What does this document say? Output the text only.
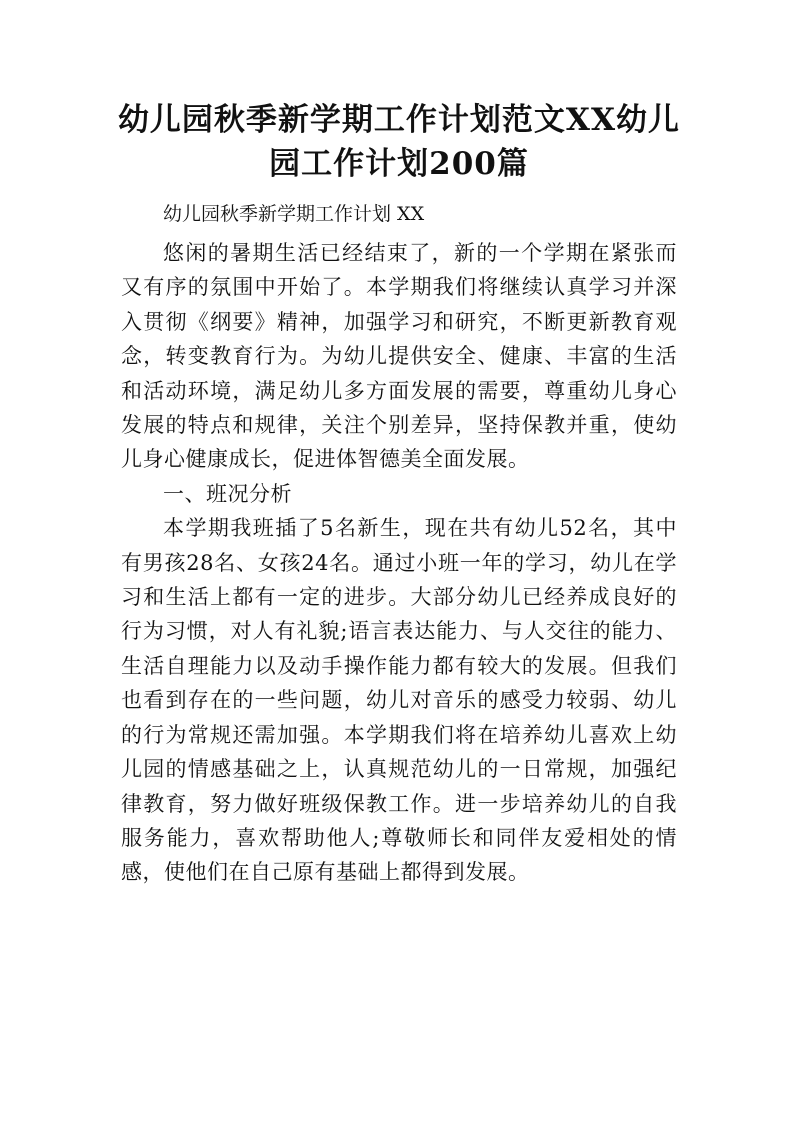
幼儿园秋季新学期工作计划范文XX幼儿园工作计划200篇

幼儿园秋季新学期工作计划 XX

悠闲的暑期生活已经结束了，新的一个学期在紧张而又有序的氛围中开始了。本学期我们将继续认真学习并深入贯彻《纲要》精神，加强学习和研究，不断更新教育观念，转变教育行为。为幼儿提供安全、健康、丰富的生活和活动环境，满足幼儿多方面发展的需要，尊重幼儿身心发展的特点和规律，关注个别差异，坚持保教并重，使幼儿身心健康成长，促进体智德美全面发展。

一、班况分析

本学期我班插了5名新生，现在共有幼儿52名，其中有男孩28名、女孩24名。通过小班一年的学习，幼儿在学习和生活上都有一定的进步。大部分幼儿已经养成良好的行为习惯，对人有礼貌;语言表达能力、与人交往的能力、生活自理能力以及动手操作能力都有较大的发展。但我们也看到存在的一些问题，幼儿对音乐的感受力较弱、幼儿的行为常规还需加强。本学期我们将在培养幼儿喜欢上幼儿园的情感基础之上，认真规范幼儿的一日常规，加强纪律教育，努力做好班级保教工作。进一步培养幼儿的自我服务能力，喜欢帮助他人;尊敬师长和同伴友爱相处的情感，使他们在自己原有基础上都得到发展。
